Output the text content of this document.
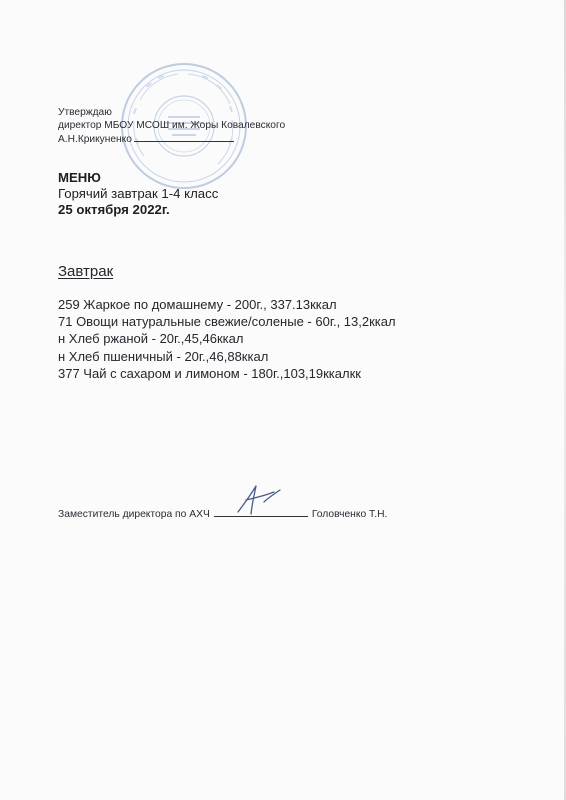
Утверждаю
директор МБОУ МСОШ им. Жоры Ковалевского
А.Н.Крикуненко
МЕНЮ
Горячий завтрак 1-4 класс
25 октября 2022г.
Завтрак
259 Жаркое по домашнему - 200г., 337.13ккал
71 Овощи натуральные свежие/соленые - 60г., 13,2ккал
н Хлеб ржаной - 20г.,45,46ккал
н Хлеб пшеничный - 20г.,46,88ккал
377 Чай с сахаром и лимоном - 180г.,103,19ккалкк
Заместитель директора по АХЧ	Головченко Т.Н.
